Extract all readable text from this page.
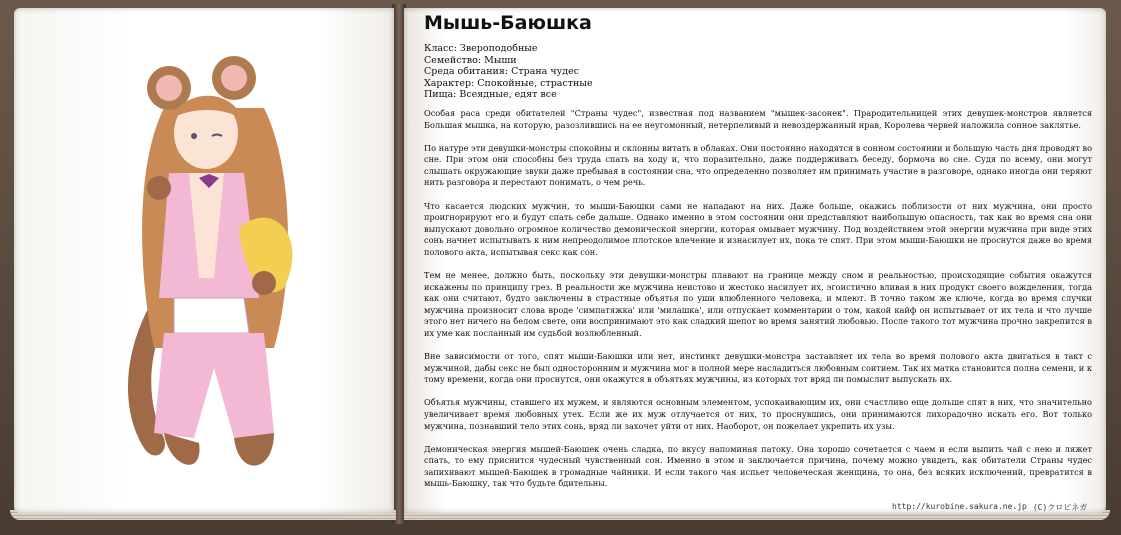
Мышь-Баюшка
Класс: Звероподобные
Семейство: Мыши
Среда обитания: Страна чудес
Характер: Спокойные, страстные
Пища: Всеядные, едят все

Особая раса среди обитателей "Страны чудес", известная под названием "мышек-засонек". Прародительницей этих девушек-монстров является Большая мышка, на которую, разозлившись на ее неугомонный, нетерпеливый и невоздержанный нрав, Королева червей наложила сонное заклятье.

По натуре эти девушки-монстры спокойны и склонны витать в облаках. Они постоянно находятся в сонном состоянии и большую часть дня проводят во сне. При этом они способны без труда спать на ходу и, что поразительно, даже поддерживать беседу, бормоча во сне. Судя по всему, они могут слышать окружающие звуки даже пребывая в состоянии сна, что определенно позволяет им принимать участие в разговоре, однако иногда они теряют нить разговора и перестают понимать, о чем речь.

Что касается людских мужчин, то мыши-Баюшки сами не нападают на них. Даже больше, окажись поблизости от них мужчина, они просто проигнорируют его и будут спать себе дальше. Однако именно в этом состоянии они представляют наибольшую опасность, так как во время сна они выпускают довольно огромное количество демонической энергии, которая омывает мужчину. Под воздействием этой энергии мужчина при виде этих сонь начнет испытывать к ним непреодолимое плотское влечение и изнасилует их, пока те спят. При этом мыши-Баюшки не проснутся даже во время полового акта, испытывая секс как сон.

Тем не менее, должно быть, поскольку эти девушки-монстры плавают на границе между сном и реальностью, происходящие события окажутся искажены по принципу грез. В реальности же мужчина неистово и жестоко насилует их, эгоистично вливая в них продукт своего вожделения, тогда как они считают, будто заключены в страстные объятья по уши влюбленного человека, и млеют. В точно таком же ключе, когда во время случки мужчина произносит слова вроде 'симпатяжка' или 'милашка', или отпускает комментарии о том, какой кайф он испытывает от их тела и что лучше этого нет ничего на белом свете, они воспринимают это как сладкий шепот во время занятий любовью. После такого тот мужчина прочно закрепится в их уме как посланный им судьбой возлюбленный.

Вне зависимости от того, спят мыши-Баюшки или нет, инстинкт девушки-монстра заставляет их тела во время полового акта двигаться в такт с мужчиной, дабы секс не был односторонним и мужчина мог в полной мере насладиться любовным соитием. Так их матка становится полна семени, и к тому времени, когда они проснутся, они окажутся в объятьях мужчины, из которых тот вряд ли помыслит выпускать их.

Объятья мужчины, ставшего их мужем, и являются основным элементом, успокаивающим их, они счастливо еще дольше спят в них, что значительно увеличивает время любовных утех. Если же их муж отлучается от них, то проснувшись, они принимаются лихорадочно искать его. Вот только мужчина, познавший тело этих сонь, вряд ли захочет уйти от них. Наоборот, он пожелает укрепить их узы.

Демоническая энергия мышей-Баюшек очень сладка, по вкусу напоминая патоку. Она хорошо сочетается с чаем и если выпить чай с нею и ляжет спать, то ему приснится чудесный чувственный сон. Именно в этом и заключается причина, почему можно увидеть, как обитатели Страны чудес запихивают мышей-Баюшек в громадные чайники. И если такого чая испьет человеческая женщина, то она, без всяких исключений, превратится в мышь-Баюшку, так что будьте бдительны.

http://kurobine.sakura.ne.jp (C)クロビネガ
